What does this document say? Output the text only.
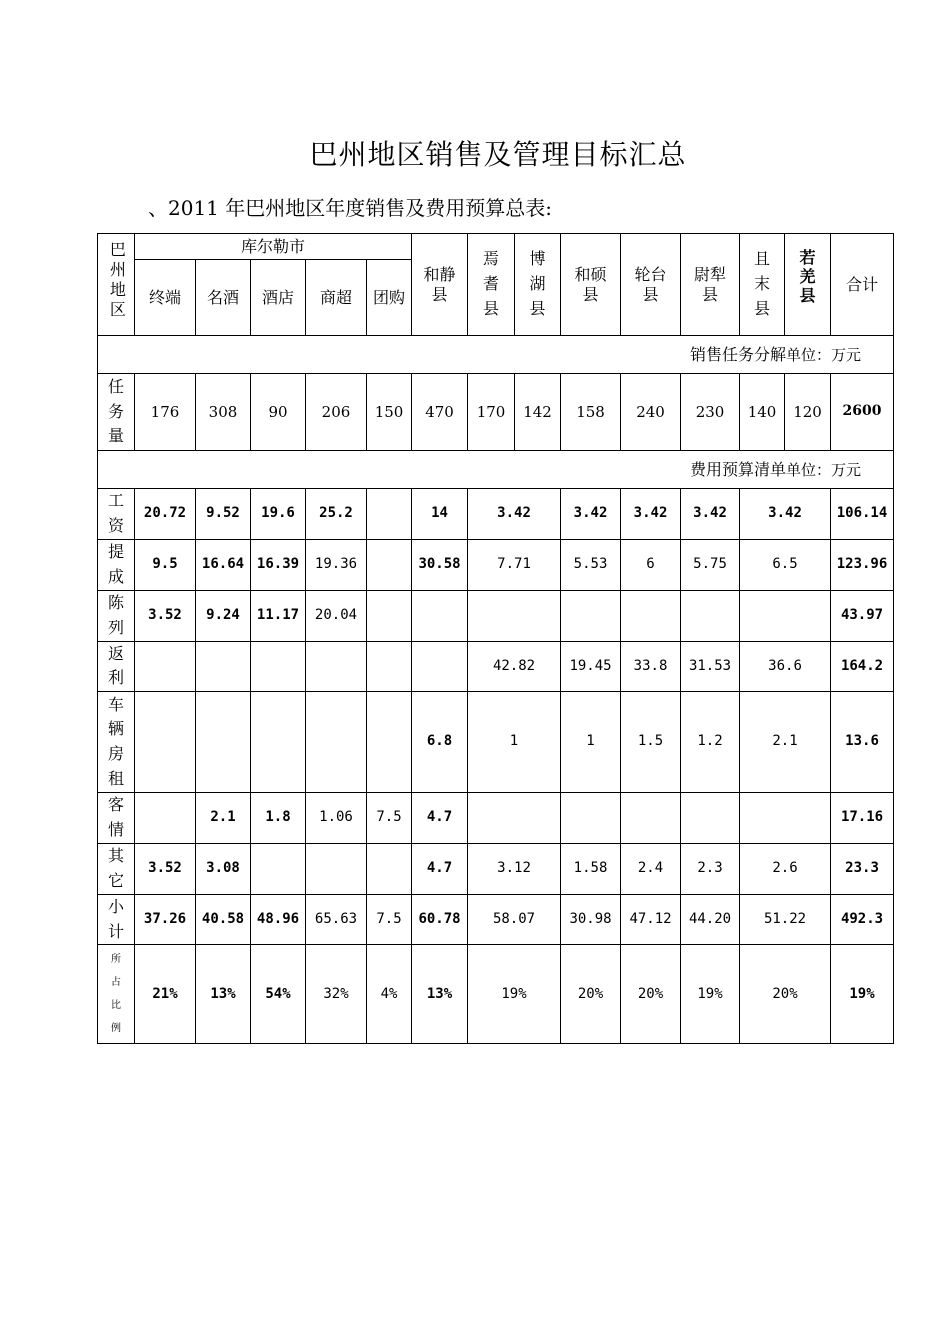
巴州地区销售及管理目标汇总
、2011 年巴州地区年度销售及费用预算总表:
巴州地区	库尔勒市					和静县	焉耆县	博湖县	和硕县	轮台县	尉犁县	且末县	若羌县	合计
	终端	名酒	酒店	商超	团购									
销售任务分解单位：万元														
任务量	176	308	90	206	150	470	170	142	158	240	230	140	120	2600
费用预算清单单位：万元														
工资	20.72	9.52	19.6	25.2		14	3.42		3.42	3.42	3.42	3.42		106.14
提成	9.5	16.64	16.39	19.36		30.58	7.71		5.53	6	5.75	6.5		123.96
陈列	3.52	9.24	11.17	20.04										43.97
返利							42.82		19.45	33.8	31.53	36.6		164.2
车辆房租						6.8	1		1	1.5	1.2	2.1		13.6
客情		2.1	1.8	1.06	7.5	4.7								17.16
其它	3.52	3.08				4.7	3.12		1.58	2.4	2.3	2.6		23.3
小计	37.26	40.58	48.96	65.63	7.5	60.78	58.07		30.98	47.12	44.20	51.22		492.3
所占比例	21%	13%	54%	32%	4%	13%	19%		20%	20%	19%	20%		19%
